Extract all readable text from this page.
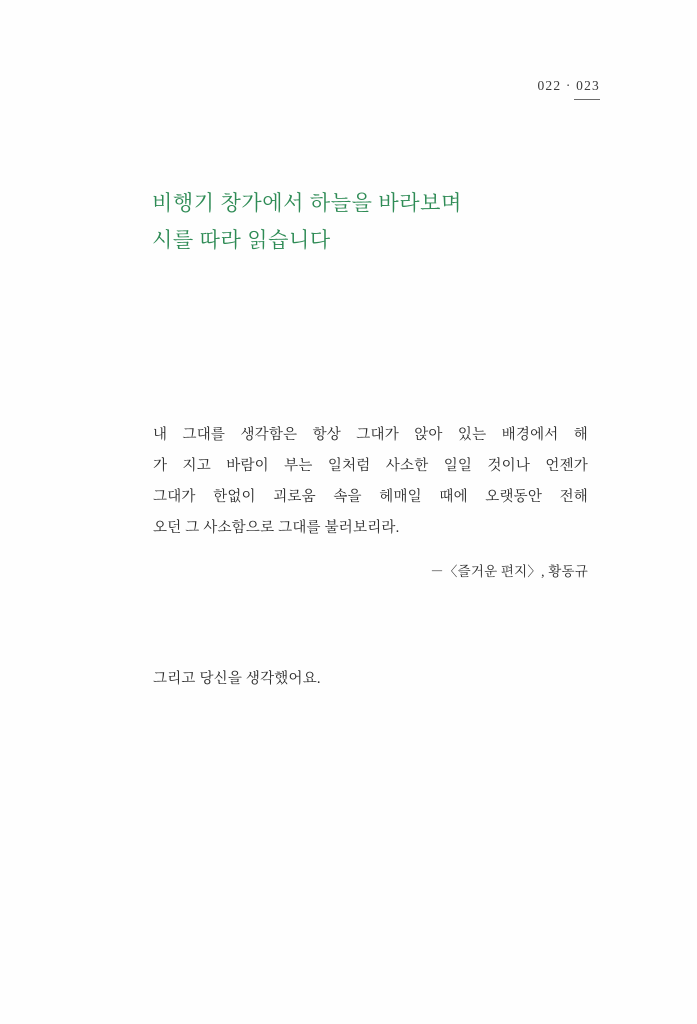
022 · 023
비행기 창가에서 하늘을 바라보며
시를 따라 읽습니다
내 그대를 생각함은 항상 그대가 앉아 있는 배경에서 해
가 지고 바람이 부는 일처럼 사소한 일일 것이나 언젠가
그대가 한없이 괴로움 속을 헤매일 때에 오랫동안 전해
오던 그 사소함으로 그대를 불러보리라.
－〈즐거운 편지〉, 황동규
그리고 당신을 생각했어요.
